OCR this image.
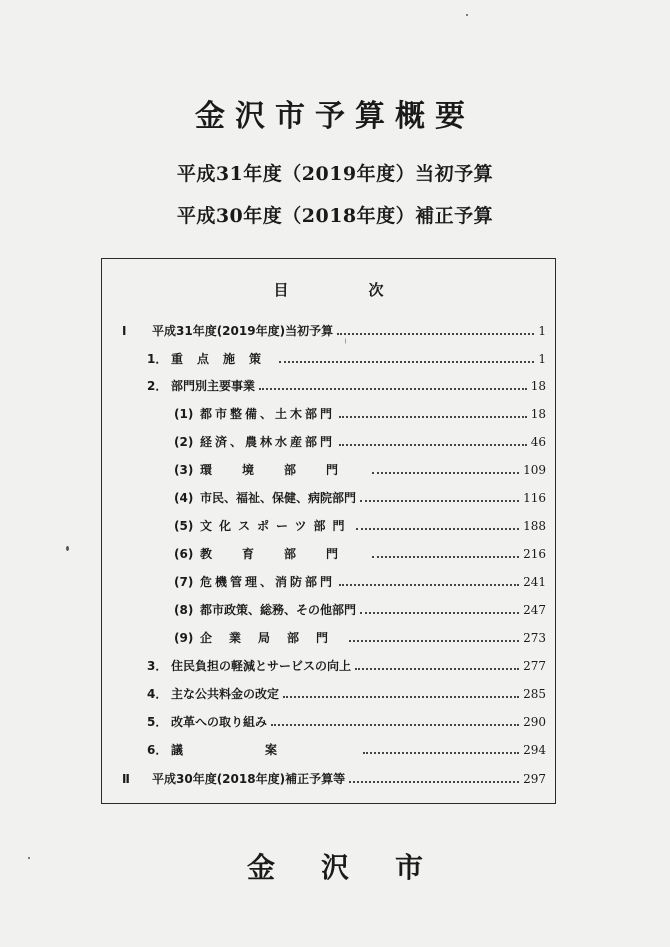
金沢市予算概要
平成31年度（2019年度）当初予算
平成30年度（2018年度）補正予算
目次
Ⅰ	平成31年度(2019年度)当初予算	1
1． 重点施策	1
2． 部門別主要事業	18
(1) 都市整備、土木部門	18
(2) 経済、農林水産部門	46
(3) 環境部門	109
(4) 市民、福祉、保健、病院部門	116
(5) 文化スポーツ部門	188
(6) 教育部門	216
(7) 危機管理、消防部門	241
(8) 都市政策、総務、その他部門	247
(9) 企業局部門	273
3． 住民負担の軽減とサービスの向上	277
4． 主な公共料金の改定	285
5． 改革への取り組み	290
6． 議案	294
Ⅱ	平成30年度(2018年度)補正予算等	297
金沢市
